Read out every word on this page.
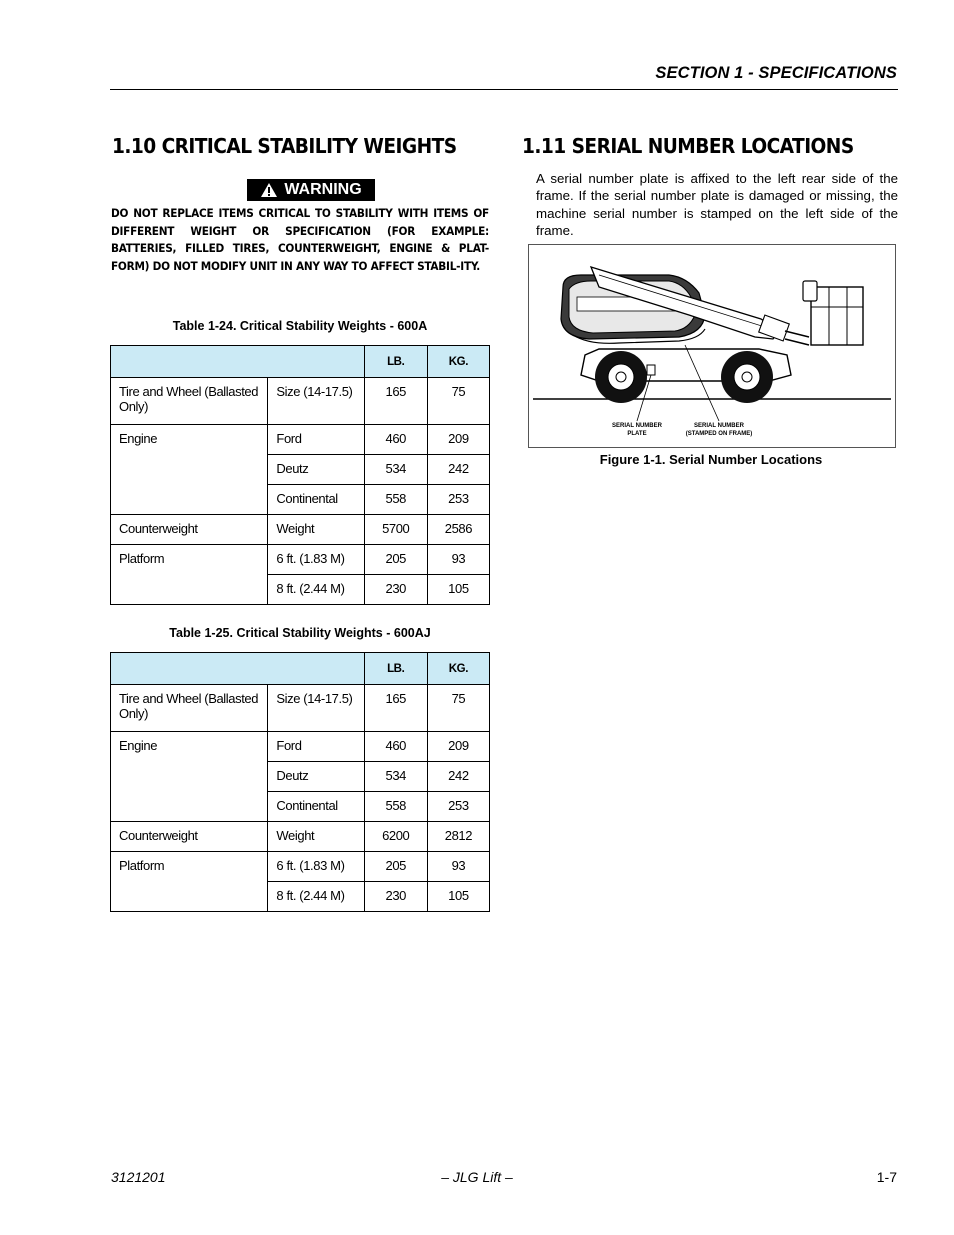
SECTION 1 - SPECIFICATIONS
1.10 CRITICAL STABILITY WEIGHTS	1.11 SERIAL NUMBER LOCATIONS
WARNING
DO NOT REPLACE ITEMS CRITICAL TO STABILITY WITH ITEMS OF DIFFERENT WEIGHT OR SPECIFICATION (FOR EXAMPLE: BATTERIES, FILLED TIRES, COUNTERWEIGHT, ENGINE & PLAT-FORM) DO NOT MODIFY UNIT IN ANY WAY TO AFFECT STABIL-ITY.
Table 1-24. Critical Stability Weights - 600A
		LB.	KG.
Tire and Wheel (Ballasted Only)	Size (14-17.5)	165	75
Engine	Ford	460	209
	Deutz	534	242
	Continental	558	253
Counterweight	Weight	5700	2586
Platform	6 ft. (1.83 M)	205	93
	8 ft. (2.44 M)	230	105
Table 1-25. Critical Stability Weights - 600AJ
		LB.	KG.
Tire and Wheel (Ballasted Only)	Size (14-17.5)	165	75
Engine	Ford	460	209
	Deutz	534	242
	Continental	558	253
Counterweight	Weight	6200	2812
Platform	6 ft. (1.83 M)	205	93
	8 ft. (2.44 M)	230	105
A serial number plate is affixed to the left rear side of the frame. If the serial number plate is damaged or missing, the machine serial number is stamped on the left side of the frame.
SERIAL NUMBER
PLATE
SERIAL NUMBER
(STAMPED ON FRAME)
Figure 1-1. Serial Number Locations
3121201	– JLG Lift –	1-7
